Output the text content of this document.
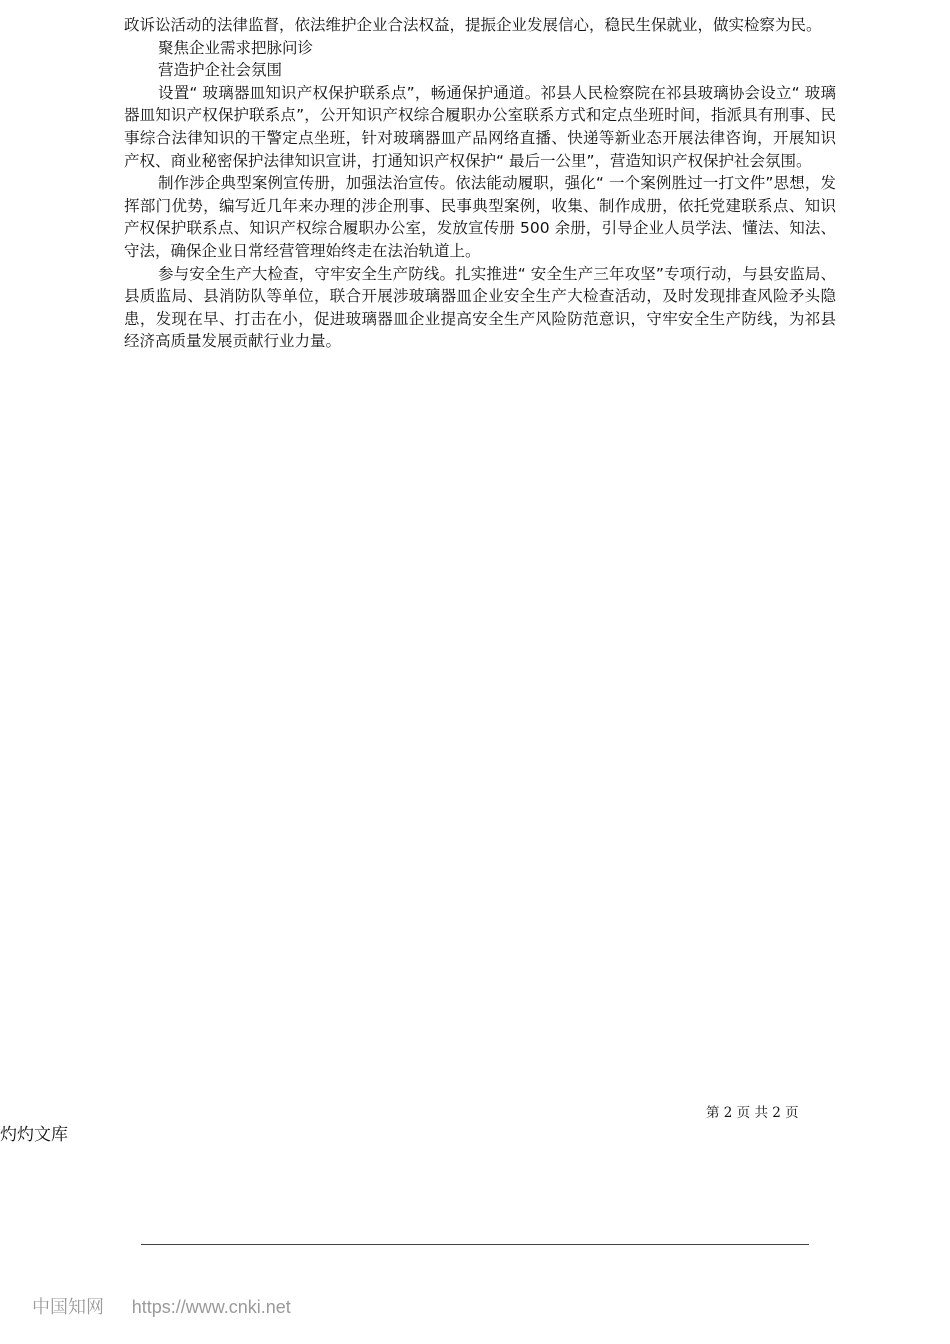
政诉讼活动的法律监督，依法维护企业合法权益，提振企业发展信心，稳民生保就业，做实检察为民。

聚焦企业需求把脉问诊

营造护企社会氛围

设置“ 玻璃器皿知识产权保护联系点”，畅通保护通道。祁县人民检察院在祁县玻璃协会设立“ 玻璃器皿知识产权保护联系点”，公开知识产权综合履职办公室联系方式和定点坐班时间，指派具有刑事、民事综合法律知识的干警定点坐班，针对玻璃器皿产品网络直播、快递等新业态开展法律咨询，开展知识产权、商业秘密保护法律知识宣讲，打通知识产权保护“ 最后一公里”，营造知识产权保护社会氛围。

制作涉企典型案例宣传册，加强法治宣传。依法能动履职，强化“ 一个案例胜过一打文件”思想，发挥部门优势，编写近几年来办理的涉企刑事、民事典型案例，收集、制作成册，依托党建联系点、知识产权保护联系点、知识产权综合履职办公室，发放宣传册 500 余册，引导企业人员学法、懂法、知法、守法，确保企业日常经营管理始终走在法治轨道上。

参与安全生产大检查，守牢安全生产防线。扎实推进“ 安全生产三年攻坚”专项行动，与县安监局、县质监局、县消防队等单位，联合开展涉玻璃器皿企业安全生产大检查活动，及时发现排查风险矛头隐患，发现在早、打击在小，促进玻璃器皿企业提高安全生产风险防范意识，守牢安全生产防线，为祁县经济高质量发展贡献行业力量。

第 2 页 共 2 页
灼灼文库
中国知网 https://www.cnki.net
